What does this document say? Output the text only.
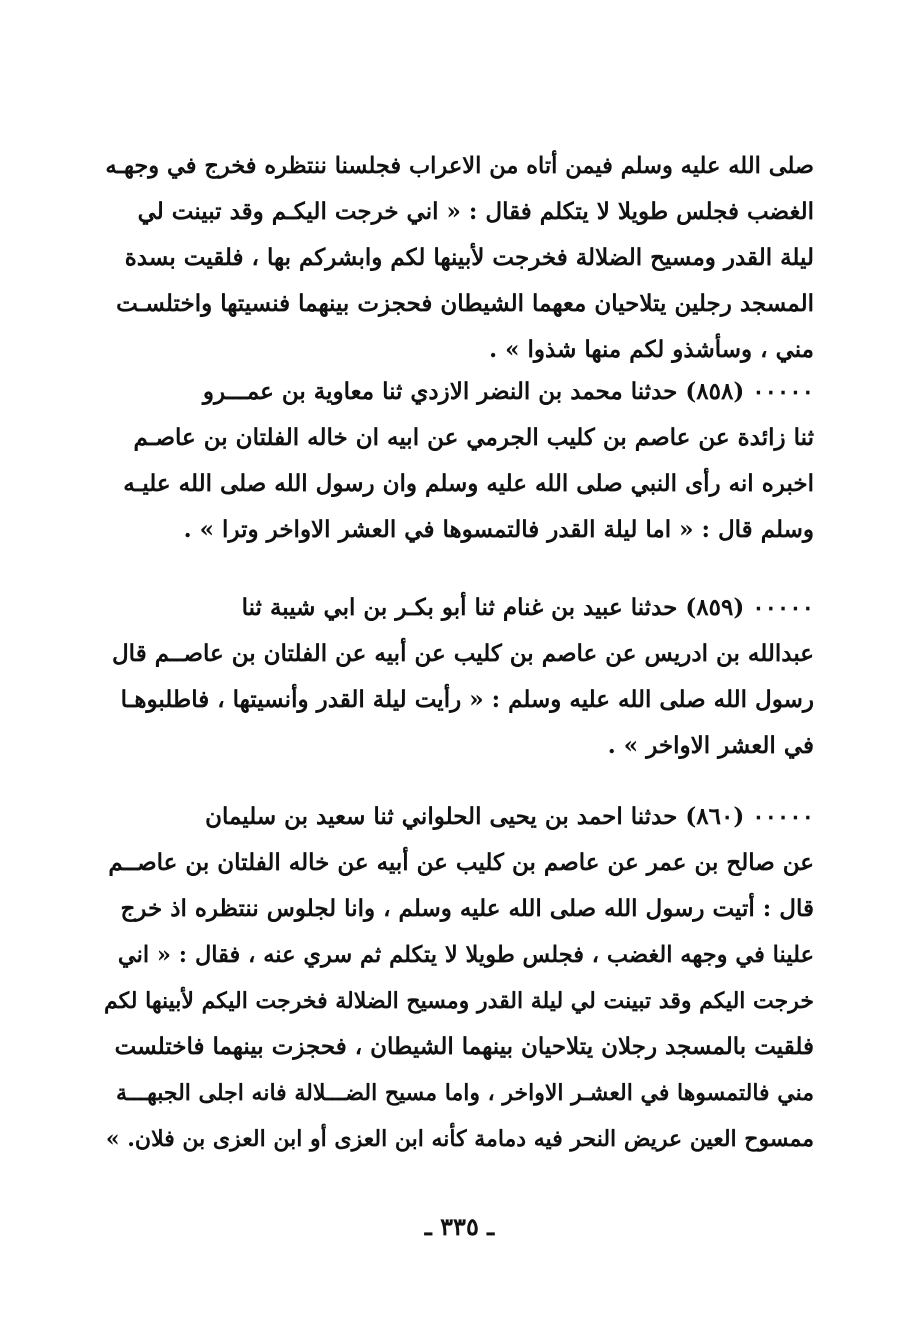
صلى الله عليه وسلم فيمن أتاه من الاعراب فجلسنا ننتظره فخرج في وجهـه
الغضب فجلس طويلا لا يتكلم فقال : « اني خرجت اليكـم وقد تبينت لي
ليلة القدر ومسيح الضلالة فخرجت لأبينها لكم وابشركم بها ، فلقيت بسدة
المسجد رجلين يتلاحيان معهما الشيطان فحجزت بينهما فنسيتها واختلسـت
مني ، وسأشذو لكم منها شذوا » .
٠٠٠٠٠ (٨٥٨) حدثنا محمد بن النضر الازدي ثنا معاوية بن عمـــرو
ثنا زائدة عن عاصم بن كليب الجرمي عن ابيه ان خاله الفلتان بن عاصـم
اخبره انه رأى النبي صلى الله عليه وسلم وان رسول الله صلى الله عليـه
وسلم قال : « اما ليلة القدر فالتمسوها في العشر الاواخر وترا » .
٠٠٠٠٠ (٨٥٩) حدثنا عبيد بن غنام ثنا أبو بكـر بن ابي شيبة ثنا
عبدالله بن ادريس عن عاصم بن كليب عن أبيه عن الفلتان بن عاصــم قال
رسول الله صلى الله عليه وسلم : « رأيت ليلة القدر وأنسيتها ، فاطلبوهـا
في العشر الاواخر » .
٠٠٠٠٠ (٨٦٠) حدثنا احمد بن يحيى الحلواني ثنا سعيد بن سليمان
عن صالح بن عمر عن عاصم بن كليب عن أبيه عن خاله الفلتان بن عاصــم
قال : أتيت رسول الله صلى الله عليه وسلم ، وانا لجلوس ننتظره اذ خرج
علينا في وجهه الغضب ، فجلس طويلا لا يتكلم ثم سري عنه ، فقال : « اني
خرجت اليكم وقد تبينت لي ليلة القدر ومسيح الضلالة فخرجت اليكم لأبينها لكم
فلقيت بالمسجد رجلان يتلاحيان بينهما الشيطان ، فحجزت بينهما فاختلست
مني فالتمسوها في العشـر الاواخر ، واما مسيح الضـــلالة فانه اجلى الجبهـــة
ممسوح العين عريض النحر فيه دمامة كأنه ابن العزى أو ابن العزى بن فلان. »
ـ ٣٣٥ ـ
